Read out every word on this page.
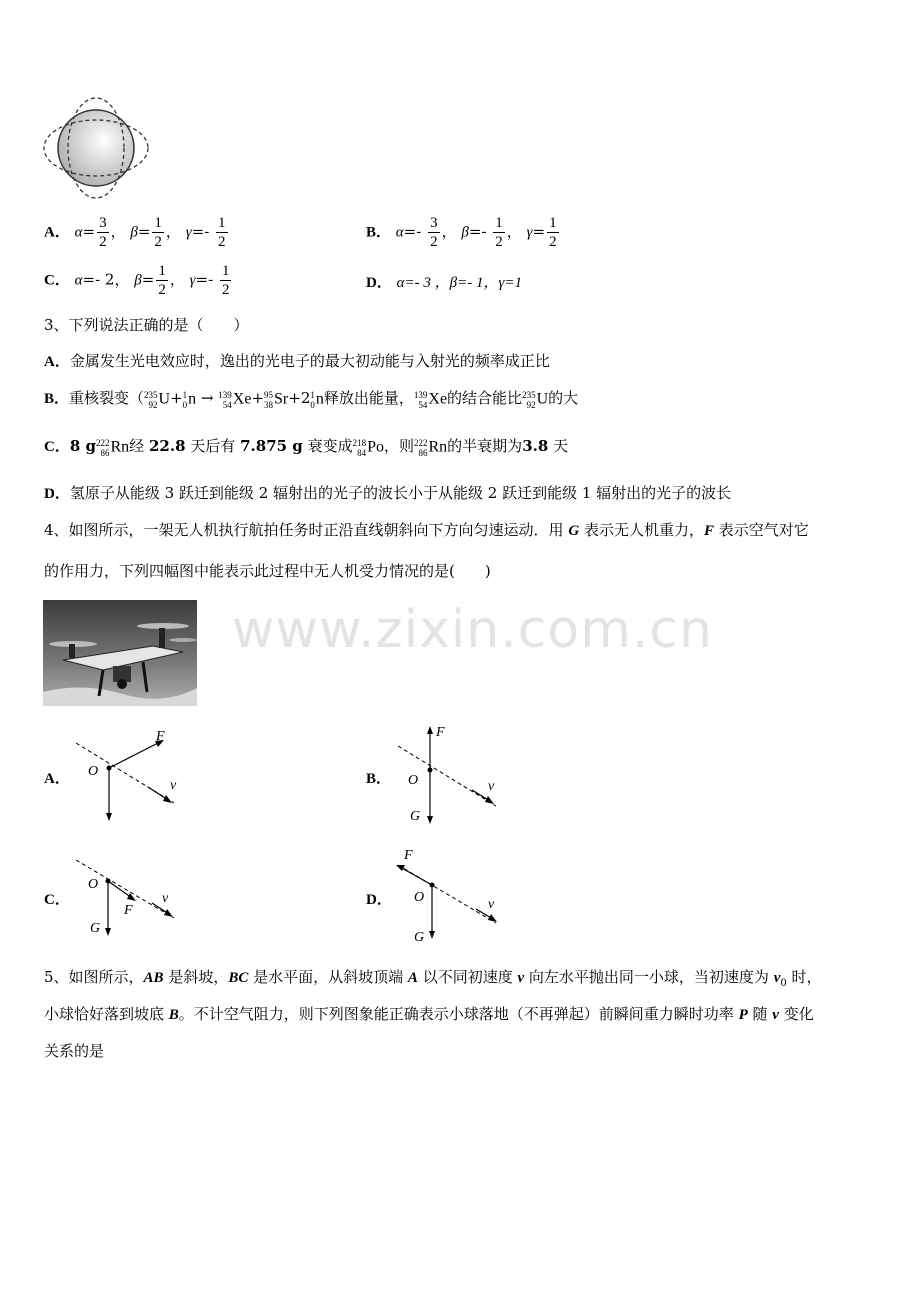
A． $\alpha= \frac{3}{2}$ ， $\beta= \frac{1}{2}$ ， $\gamma=- \frac{1}{2}$	B． $\alpha=- \frac{3}{2}$ ， $\beta=- \frac{1}{2}$ ， $\gamma= \frac{1}{2}$
C． α=- 2， $\beta= \frac{1}{2}$ ， $\gamma=- \frac{1}{2}$	D． α=- 3 ，β=- 1，γ=1
3、下列说法正确的是（　　）
A．金属发生光电效应时，逸出的光电子的最大初动能与入射光的频率成正比
B．重核裂变（ 235
92 U+ 1
0 n → 139
54 Xe+ 95
38 Sr+2 1
0 n释放出能量， 139
54 Xe的结合能比 235
92 U的大
C．8 g 222
86 Rn经 22.8 天后有 7.875 g 衰变成 218
84 Po，则 222
86 Rn的半衰期为3.8 天
D．氢原子从能级 3 跃迁到能级 2 辐射出的光子的波长小于从能级 2 跃迁到能级 1 辐射出的光子的波长
4、如图所示，一架无人机执行航拍任务时正沿直线朝斜向下方向匀速运动．用 G 表示无人机重力，F 表示空气对它
的作用力，下列四幅图中能表示此过程中无人机受力情况的是(　　)
www.zixin.com.cn
A． O
F
v	B．
F
O
G
v
C．
O
F
G
v	D．
F
O
G
v
5、如图所示，AB 是斜坡，BC 是水平面，从斜坡顶端 A 以不同初速度 v 向左水平抛出同一小球，当初速度为 $v_0$ 时，
小球恰好落到坡底 B。不计空气阻力，则下列图象能正确表示小球落地（不再弹起）前瞬间重力瞬时功率 P 随 v 变化
关系的是
